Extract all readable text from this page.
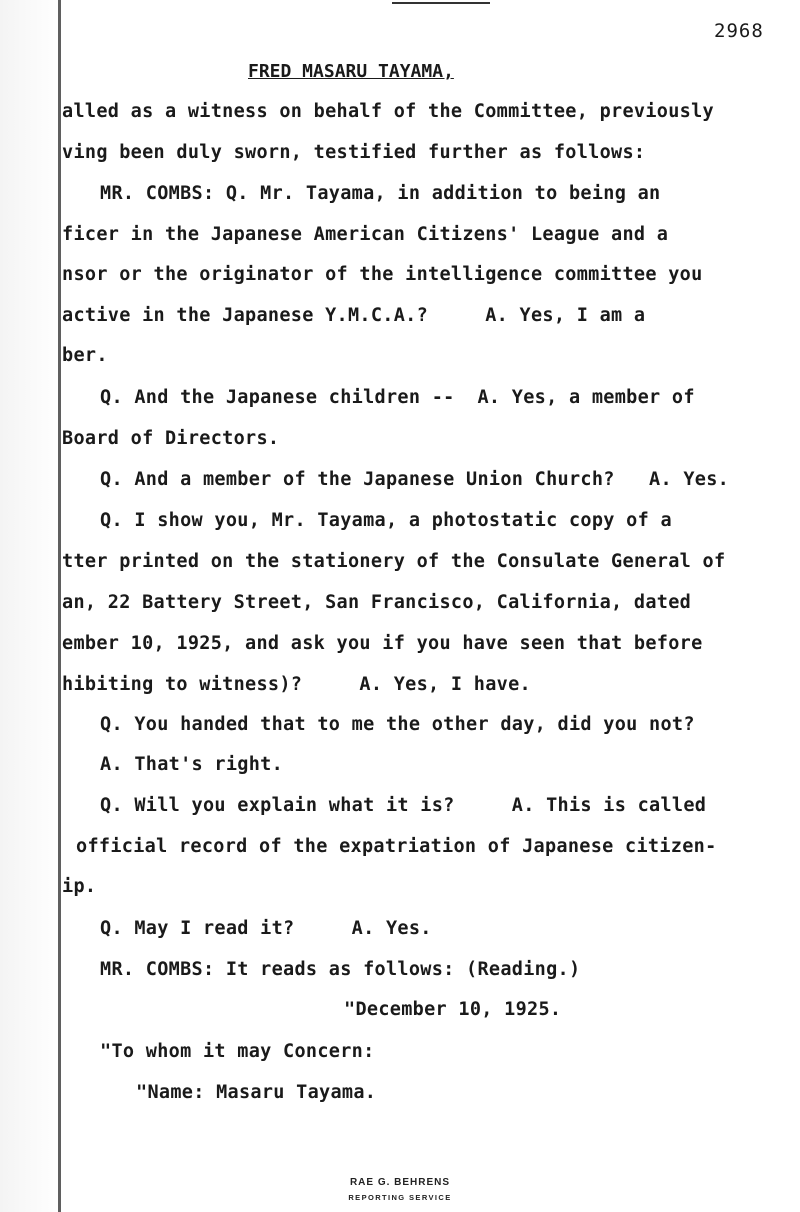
2968
FRED MASARU TAYAMA,
alled as a witness on behalf of the Committee, previously
ving been duly sworn, testified further as follows:
MR. COMBS: Q. Mr. Tayama, in addition to being an
ficer in the Japanese American Citizens' League and a
nsor or the originator of the intelligence committee you
active in the Japanese Y.M.C.A.?     A. Yes, I am a
ber.
Q. And the Japanese children --  A. Yes, a member of
Board of Directors.
Q. And a member of the Japanese Union Church?   A. Yes.
Q. I show you, Mr. Tayama, a photostatic copy of a
tter printed on the stationery of the Consulate General of
an, 22 Battery Street, San Francisco, California, dated
ember 10, 1925, and ask you if you have seen that before
hibiting to witness)?     A. Yes, I have.
Q. You handed that to me the other day, did you not?
A. That's right.
Q. Will you explain what it is?     A. This is called
official record of the expatriation of Japanese citizen-
ip.
Q. May I read it?     A. Yes.
MR. COMBS: It reads as follows: (Reading.)
"December 10, 1925.
"To whom it may Concern:
"Name: Masaru Tayama.
RAE G. BEHRENS
REPORTING SERVICE
